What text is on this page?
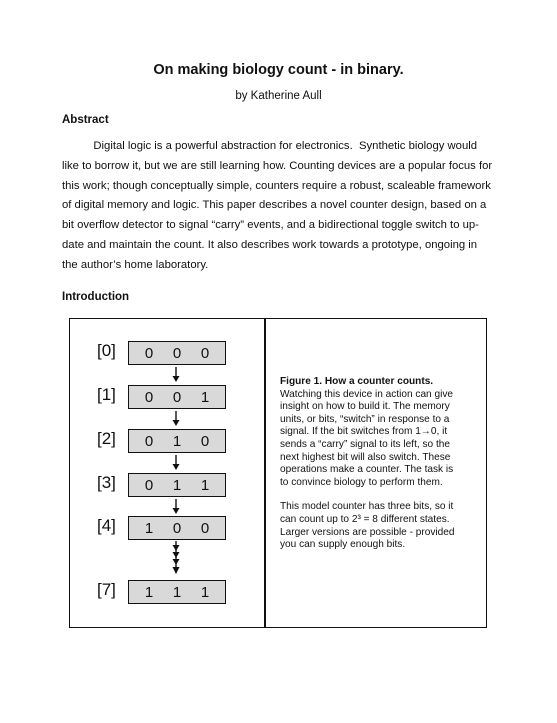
On making biology count - in binary.
by Katherine Aull
Abstract
Digital logic is a powerful abstraction for electronics.  Synthetic biology would
like to borrow it, but we are still learning how. Counting devices are a popular focus for
this work; though conceptually simple, counters require a robust, scaleable framework
of digital memory and logic. This paper describes a novel counter design, based on a
bit overflow detector to signal “carry” events, and a bidirectional toggle switch to up-
date and maintain the count. It also describes work towards a prototype, ongoing in
the author’s home laboratory.
Introduction
[0] 0 0 0
[1] 0 0 1
[2] 0 1 0
[3] 0 1 1
[4] 1 0 0
[7] 1 1 1
Figure 1. How a counter counts.
Watching this device in action can give
insight on how to build it. The memory
units, or bits, “switch” in response to a
signal. If the bit switches from 1→0, it
sends a “carry” signal to its left, so the
next highest bit will also switch. These
operations make a counter. The task is
to convince biology to perform them.
This model counter has three bits, so it
can count up to 2³ = 8 different states.
Larger versions are possible - provided
you can supply enough bits.
